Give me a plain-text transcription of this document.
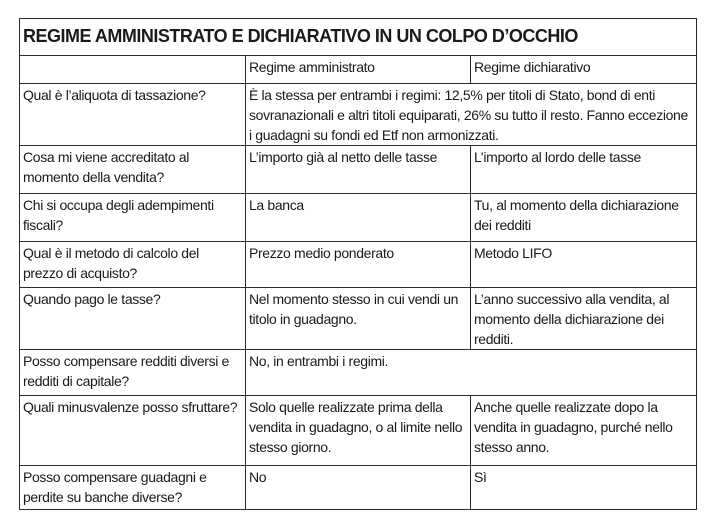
REGIME AMMINISTRATO E DICHIARATIVO IN UN COLPO D’OCCHIO		
	Regime amministrato	Regime dichiarativo
Qual è l’aliquota di tassazione?	È la stessa per entrambi i regimi: 12,5% per titoli di Stato, bond di enti sovranazionali e altri titoli equiparati, 26% su tutto il resto. Fanno eccezione i guadagni su fondi ed Etf non armonizzati.	
Cosa mi viene accreditato al momento della vendita?	L’importo già al netto delle tasse	L’importo al lordo delle tasse
Chi si occupa degli adempimenti fiscali?	La banca	Tu, al momento della dichiarazione dei redditi
Qual è il metodo di calcolo del prezzo di acquisto?	Prezzo medio ponderato	Metodo LIFO
Quando pago le tasse?	Nel momento stesso in cui vendi un titolo in guadagno.	L’anno successivo alla vendita, al momento della dichiarazione dei redditi.
Posso compensare redditi diversi e redditi di capitale?	No, in entrambi i regimi.	
Quali minusvalenze posso sfruttare?	Solo quelle realizzate prima della vendita in guadagno, o al limite nello stesso giorno.	Anche quelle realizzate dopo la vendita in guadagno, purché nello stesso anno.
Posso compensare guadagni e perdite su banche diverse?	No	Sì
